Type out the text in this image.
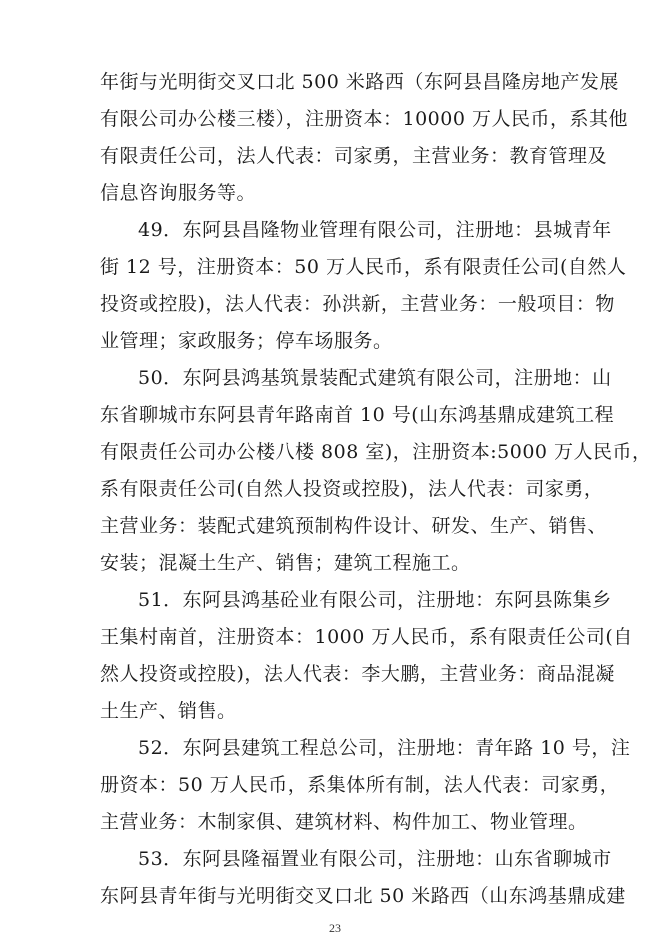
年街与光明街交叉口北 500 米路西（东阿县昌隆房地产发展
有限公司办公楼三楼），注册资本：10000 万人民币，系其他
有限责任公司，法人代表：司家勇，主营业务：教育管理及
信息咨询服务等。
49．东阿县昌隆物业管理有限公司，注册地：县城青年
街 12 号，注册资本：50 万人民币，系有限责任公司(自然人
投资或控股)，法人代表：孙洪新，主营业务：一般项目：物
业管理；家政服务；停车场服务。
50．东阿县鸿基筑景装配式建筑有限公司，注册地：山
东省聊城市东阿县青年路南首 10 号(山东鸿基鼎成建筑工程
有限责任公司办公楼八楼 808 室)，注册资本:5000 万人民币，
系有限责任公司(自然人投资或控股)，法人代表：司家勇，
主营业务：装配式建筑预制构件设计、研发、生产、销售、
安装；混凝土生产、销售；建筑工程施工。
51．东阿县鸿基砼业有限公司，注册地：东阿县陈集乡
王集村南首，注册资本：1000 万人民币，系有限责任公司(自
然人投资或控股)，法人代表：李大鹏，主营业务：商品混凝
土生产、销售。
52．东阿县建筑工程总公司，注册地：青年路 10 号，注
册资本：50 万人民币，系集体所有制，法人代表：司家勇，
主营业务：木制家俱、建筑材料、构件加工、物业管理。
53．东阿县隆福置业有限公司，注册地：山东省聊城市
东阿县青年街与光明街交叉口北 50 米路西（山东鸿基鼎成建
23
